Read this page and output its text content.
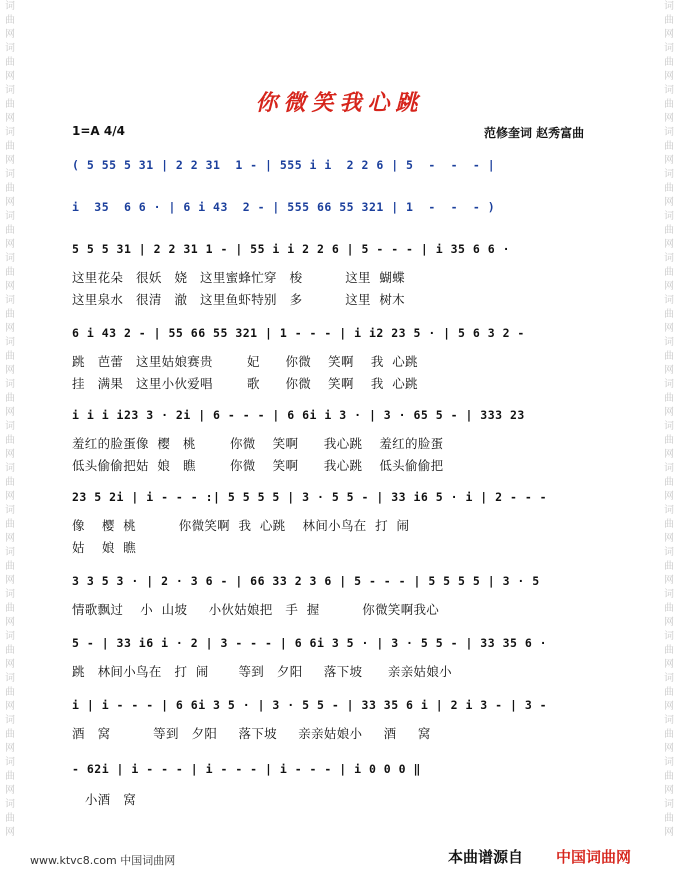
词
曲
网
词
曲
网
词
曲
网
词
曲
网
词
曲
网
词
曲
网
词
曲
网
词
曲
网
词
曲
网
词
曲
网
词
曲
网
词
曲
网
词
曲
网
词
曲
网
词
曲
网
词
曲
网
词
曲
网
词
曲
网
词
曲
网
词
曲
网
词
曲
网
词
曲
网
词
曲
网
词
曲
网
词
曲
网
词
曲
网
词
曲
网
词
曲
网
词
曲
网
词
曲
网
词
曲
网
词
曲
网
词
曲
网
词
曲
网
词
曲
网
词
曲
网
词
曲
网
词
曲
网
词
曲
网
词
曲
网
你微笑我心跳
1=A 4/4	范修奎词 赵秀富曲
( 5 55 5 31 | 2 2 31  1 - | 555 i i  2 2 6 | 5  -  -  - |
i  35  6 6 · | 6 i 43  2 - | 555 66 55 321 | 1  -  -  - )
5 5 5 31 | 2 2 31 1 - | 55 i i 2 2 6 | 5 - - - | i 35 6 6 ·
这里花朵   很妖   娆   这里蜜蜂忙穿   梭          这里  蝴蝶
这里泉水   很清   澈   这里鱼虾特别   多          这里  树木
6 i 43 2 - | 55 66 55 321 | 1 - - - | i i2 23 5 · | 5 6 3 2 -
跳   芭蕾   这里姑娘赛贵        妃      你微    笑啊    我  心跳
挂   满果   这里小伙爱唱        歌      你微    笑啊    我  心跳
i i i i23 3 · 2i | 6 - - - | 6 6i i 3 · | 3 · 65 5 - | 333 23
羞红的脸蛋像  樱   桃        你微    笑啊      我心跳    羞红的脸蛋
低头偷偷把姑  娘   瞧        你微    笑啊      我心跳    低头偷偷把
23 5 2i | i - - - :| 5 5 5 5 | 3 · 5 5 - | 33 i6 5 · i | 2 - - -
像    樱  桃          你微笑啊  我  心跳    林间小鸟在  打  闹
姑    娘  瞧
3 3 5 3 · | 2 · 3 6 - | 66 33 2 3 6 | 5 - - - | 5 5 5 5 | 3 · 5
情歌飘过    小  山坡     小伙姑娘把   手  握          你微笑啊我心
5 - | 33 i6 i · 2 | 3 - - - | 6 6i 3 5 · | 3 · 5 5 - | 33 35 6 ·
跳   林间小鸟在   打  闹       等到   夕阳     落下坡      亲亲姑娘小
i | i - - - | 6 6i 3 5 · | 3 · 5 5 - | 33 35 6 i | 2 i 3 - | 3 -
酒   窝          等到   夕阳     落下坡     亲亲姑娘小     酒     窝
- 62i | i - - - | i - - - | i - - - | i 0 0 0 ‖
小酒   窝
www.ktvc8.com 中国词曲网	本曲谱源自 中国词曲网
